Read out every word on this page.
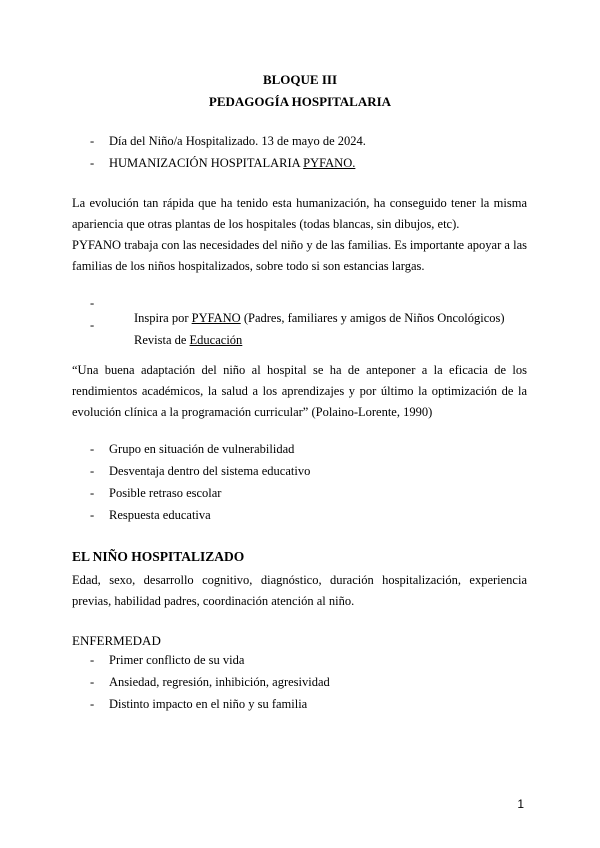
BLOQUE III
PEDAGOGÍA HOSPITALARIA
-	Día del Niño/a Hospitalizado. 13 de mayo de 2024.
-	HUMANIZACIÓN HOSPITALARIA PYFANO.

La evolución tan rápida que ha tenido esta humanización, ha conseguido tener la misma apariencia que otras plantas de los hospitales (todas blancas, sin dibujos, etc).

PYFANO trabaja con las necesidades del niño y de las familias. Es importante apoyar a las familias de los niños hospitalizados, sobre todo si son estancias largas.

-

Inspira por PYFANO (Padres, familiares y amigos de Niños Oncológicos)

-

Revista de Educación

“Una buena adaptación del niño al hospital se ha de anteponer a la eficacia de los rendimientos académicos, la salud a los aprendizajes y por último la optimización de la evolución clínica a la programación curricular” (Polaino-Lorente, 1990)

-	Grupo en situación de vulnerabilidad
-	Desventaja dentro del sistema educativo
-	Posible retraso escolar
-	Respuesta educativa
EL NIÑO HOSPITALIZADO

Edad, sexo, desarrollo cognitivo, diagnóstico, duración hospitalización, experiencia previas, habilidad padres, coordinación atención al niño.

ENFERMEDAD
-	Primer conflicto de su vida
-	Ansiedad, regresión, inhibición, agresividad
-	Distinto impacto en el niño y su familia
1
